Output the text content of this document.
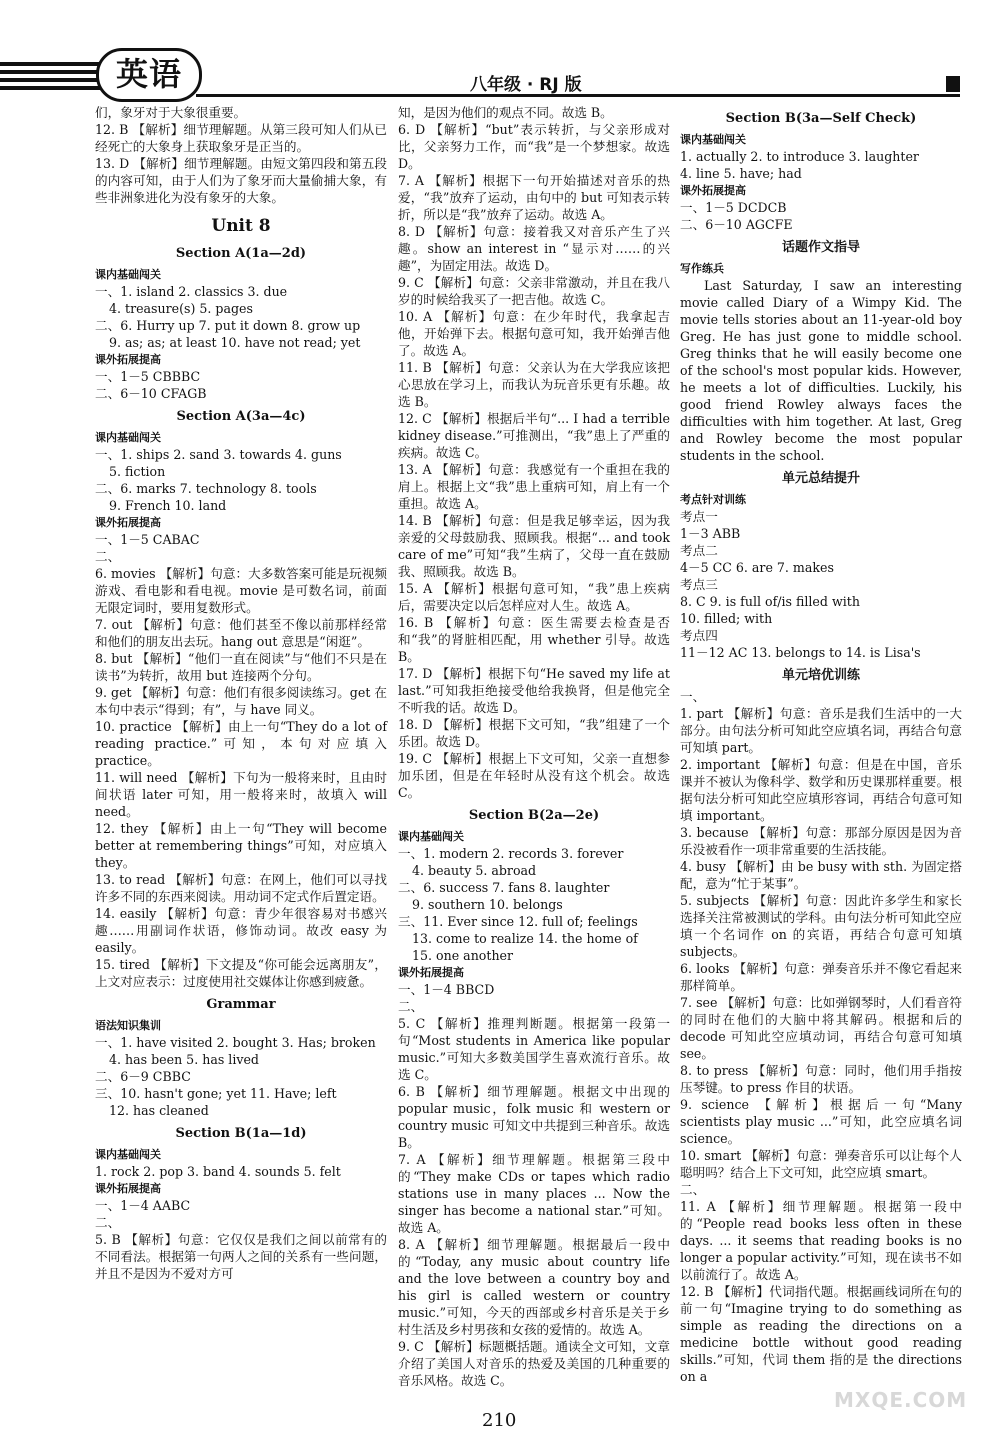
英语	八年级 · RJ 版
们，象牙对于大象很重要。
12. B 【解析】细节理解题。从第三段可知人们从已经死亡的大象身上获取象牙是正当的。
13. D 【解析】细节理解题。由短文第四段和第五段的内容可知，由于人们为了象牙而大量偷捕大象，有些非洲象进化为没有象牙的大象。
Unit 8
Section A(1a—2d)
课内基础闯关
一、1. island 2. classics 3. due
4. treasure(s) 5. pages
二、6. Hurry up 7. put it down 8. grow up
9. as; as; at least 10. have not read; yet
课外拓展提高
一、1－5 CBBBC
二、6－10 CFAGB
Section A(3a—4c)
课内基础闯关
一、1. ships 2. sand 3. towards 4. guns
5. fiction
二、6. marks 7. technology 8. tools
9. French 10. land
课外拓展提高
一、1－5 CABAC
二、
6. movies 【解析】句意：大多数答案可能是玩视频游戏、看电影和看电视。movie 是可数名词，前面无限定词时，要用复数形式。
7. out 【解析】句意：他们甚至不像以前那样经常和他们的朋友出去玩。hang out 意思是“闲逛”。
8. but 【解析】“他们一直在阅读”与“他们不只是在读书”为转折，故用 but 连接两个分句。
9. get 【解析】句意：他们有很多阅读练习。get 在本句中表示“得到；有”，与 have 同义。
10. practice 【解析】由上一句“They do a lot of reading practice.”可知，本句对应填入 practice。
11. will need 【解析】下句为一般将来时，且由时间状语 later 可知，用一般将来时，故填入 will need。
12. they 【解析】由上一句“They will become better at remembering things”可知，对应填入 they。
13. to read 【解析】句意：在网上，他们可以寻找许多不同的东西来阅读。用动词不定式作后置定语。
14. easily 【解析】句意：青少年很容易对书感兴趣……用副词作状语，修饰动词。故改 easy 为 easily。
15. tired 【解析】下文提及“你可能会远离朋友”，上文对应表示：过度使用社交媒体让你感到疲惫。
Grammar
语法知识集训
一、1. have visited 2. bought 3. Has; broken
4. has been 5. has lived
二、6－9 CBBC
三、10. hasn't gone; yet 11. Have; left
12. has cleaned
Section B(1a—1d)
课内基础闯关
1. rock 2. pop 3. band 4. sounds 5. felt
课外拓展提高
一、1－4 AABC
二、
5. B 【解析】句意：它仅仅是我们之间以前常有的不同看法。根据第一句两人之间的关系有一些问题，并且不是因为不爱对方可
知，是因为他们的观点不同。故选 B。
6. D 【解析】“but”表示转折，与父亲形成对比，父亲努力工作，而“我”是一个梦想家。故选 D。
7. A 【解析】根据下一句开始描述对音乐的热爱，“我”放弃了运动，由句中的 but 可知表示转折，所以是“我”放弃了运动。故选 A。
8. D 【解析】句意：接着我又对音乐产生了兴趣。show an interest in “显示对……的兴趣”，为固定用法。故选 D。
9. C 【解析】句意：父亲非常激动，并且在我八岁的时候给我买了一把吉他。故选 C。
10. A 【解析】句意：在少年时代，我拿起吉他，开始弹下去。根据句意可知，我开始弹吉他了。故选 A。
11. B 【解析】句意：父亲认为在大学我应该把心思放在学习上，而我认为玩音乐更有乐趣。故选 B。
12. C 【解析】根据后半句“... I had a terrible kidney disease.”可推测出，“我”患上了严重的疾病。故选 C。
13. A 【解析】句意：我感觉有一个重担在我的肩上。根据上文“我”患上重病可知，肩上有一个重担。故选 A。
14. B 【解析】句意：但是我足够幸运，因为我亲爱的父母鼓励我、照顾我。根据“... and took care of me”可知“我”生病了，父母一直在鼓励我、照顾我。故选 B。
15. A 【解析】根据句意可知，“我”患上疾病后，需要决定以后怎样应对人生。故选 A。
16. B 【解析】句意：医生需要去检查是否和“我”的肾脏相匹配，用 whether 引导。故选 B。
17. D 【解析】根据下句“He saved my life at last.”可知我拒绝接受他给我换肾，但是他完全不听我的话。故选 D。
18. D 【解析】根据下文可知，“我”组建了一个乐团。故选 D。
19. C 【解析】根据上下文可知，父亲一直想参加乐团，但是在年轻时从没有这个机会。故选 C。
Section B(2a—2e)
课内基础闯关
一、1. modern 2. records 3. forever
4. beauty 5. abroad
二、6. success 7. fans 8. laughter
9. southern 10. belongs
三、11. Ever since 12. full of; feelings
13. come to realize 14. the home of
15. one another
课外拓展提高
一、1－4 BBCD
二、
5. C 【解析】推理判断题。根据第一段第一句“Most students in America like popular music.”可知大多数美国学生喜欢流行音乐。故选 C。
6. B 【解析】细节理解题。根据文中出现的 popular music，folk music 和 western or country music 可知文中共提到三种音乐。故选 B。
7. A 【解析】细节理解题。根据第三段中的“They make CDs or tapes which radio stations use in many places ... Now the singer has become a national star.”可知。故选 A。
8. A 【解析】细节理解题。根据最后一段中的“Today, any music about country life and the love between a country boy and his girl is called western or country music.”可知，今天的西部或乡村音乐是关于乡村生活及乡村男孩和女孩的爱情的。故选 A。
9. C 【解析】标题概括题。通读全文可知，文章介绍了美国人对音乐的热爱及美国的几种重要的音乐风格。故选 C。
Section B(3a—Self Check)
课内基础闯关
1. actually 2. to introduce 3. laughter
4. line 5. have; had
课外拓展提高
一、1－5 DCDCB
二、6－10 AGCFE
话题作文指导
写作练兵
Last Saturday, I saw an interesting movie called Diary of a Wimpy Kid. The movie tells stories about an 11-year-old boy Greg. He has just gone to middle school. Greg thinks that he will easily become one of the school's most popular kids. However, he meets a lot of difficulties. Luckily, his good friend Rowley always faces the difficulties with him together. At last, Greg and Rowley become the most popular students in the school.
单元总结提升
考点针对训练
考点一
1－3 ABB
考点二
4－5 CC 6. are 7. makes
考点三
8. C 9. is full of/is filled with
10. filled; with
考点四
11－12 AC 13. belongs to 14. is Lisa's
单元培优训练
一、
1. part 【解析】句意：音乐是我们生活中的一大部分。由句法分析可知此空应填名词，再结合句意可知填 part。
2. important 【解析】句意：但是在中国，音乐课并不被认为像科学、数学和历史课那样重要。根据句法分析可知此空应填形容词，再结合句意可知填 important。
3. because 【解析】句意：那部分原因是因为音乐没被看作一项非常重要的生活技能。
4. busy 【解析】由 be busy with sth. 为固定搭配，意为“忙于某事”。
5. subjects 【解析】句意：因此许多学生和家长选择关注常被测试的学科。由句法分析可知此空应填一个名词作 on 的宾语，再结合句意可知填 subjects。
6. looks 【解析】句意：弹奏音乐并不像它看起来那样简单。
7. see 【解析】句意：比如弹钢琴时，人们看音符的同时在他们的大脑中将其解码。根据和后的 decode 可知此空应填动词，再结合句意可知填 see。
8. to press 【解析】句意：同时，他们用手指按压琴键。to press 作目的状语。
9. science 【解析】根据后一句“Many scientists play music ...”可知，此空应填名词 science。
10. smart 【解析】句意：弹奏音乐可以让每个人聪明吗？结合上下文可知，此空应填 smart。
二、
11. A 【解析】细节理解题。根据第一段中的“People read books less often in these days. ... it seems that reading books is no longer a popular activity.”可知，现在读书不如以前流行了。故选 A。
12. B 【解析】代词指代题。根据画线词所在句的前一句“Imagine trying to do something as simple as reading the directions on a medicine bottle without good reading skills.”可知，代词 them 指的是 the directions on a
210
MXQE.COM
